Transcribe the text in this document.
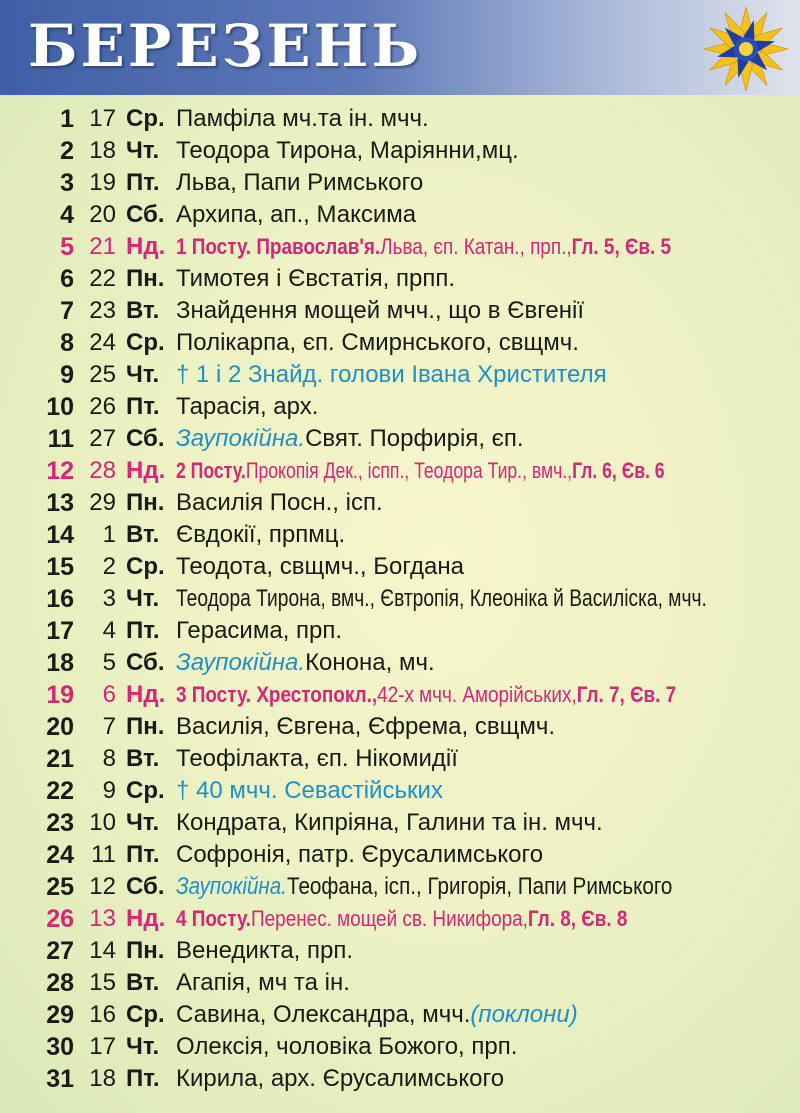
БЕРЕЗЕНЬ
1 17 Ср. Памфіла мч.та ін. мчч.
2 18 Чт. Теодора Тирона, Маріянни,мц.
3 19 Пт. Льва, Папи Римського
4 20 Сб. Архипа, ап., Максима
5 21 Нд. 1 Посту. Православ'я.Льва, єп. Катан., прп.,Гл. 5, Єв. 5
6 22 Пн. Тимотея і Євстатія, прпп.
7 23 Вт. Знайдення мощей мчч., що в Євгенії
8 24 Ср. Полікарпа, єп. Смирнського, свщмч.
9 25 Чт. † 1 і 2 Знайд. голови Івана Христителя
10 26 Пт. Тарасія, арх.
11 27 Сб. Заупокійна.Свят. Порфирія, єп.
12 28 Нд. 2 Посту.Прокопія Дек., іспп., Теодора Тир., вмч.,Гл. 6, Єв. 6
13 29 Пн. Василія Посн., ісп.
14	1 Вт. Євдокії, прпмц.
15	2 Ср. Теодота, свщмч., Богдана
16	3 Чт. Теодора Тирона, вмч., Євтропія, Клеоніка й Василіска, мчч.
17	4 Пт. Герасима, прп.
18	5 Сб. Заупокійна.Конона, мч.
19	6 Нд. 3 Посту. Хрестопокл.,42-х мчч. Аморійських,Гл. 7, Єв. 7
20	7 Пн. Василія, Євгена, Єфрема, свщмч.
21	8 Вт. Теофілакта, єп. Нікомидії
22	9 Ср. † 40 мчч. Севастійських
23 10 Чт. Кондрата, Кипріяна, Галини та ін. мчч.
24 11 Пт. Софронія, патр. Єрусалимського
25 12 Сб. Заупокійна.Теофана, ісп., Григорія, Папи Римського
26 13 Нд. 4 Посту.Перенес. мощей св. Никифора,Гл. 8, Єв. 8
27 14 Пн. Венедикта, прп.
28 15 Вт. Агапія, мч та ін.
29 16 Ср. Савина, Олександра, мчч.(поклони)
30 17 Чт. Олексія, чоловіка Божого, прп.
31 18 Пт. Кирила, арх. Єрусалимського
